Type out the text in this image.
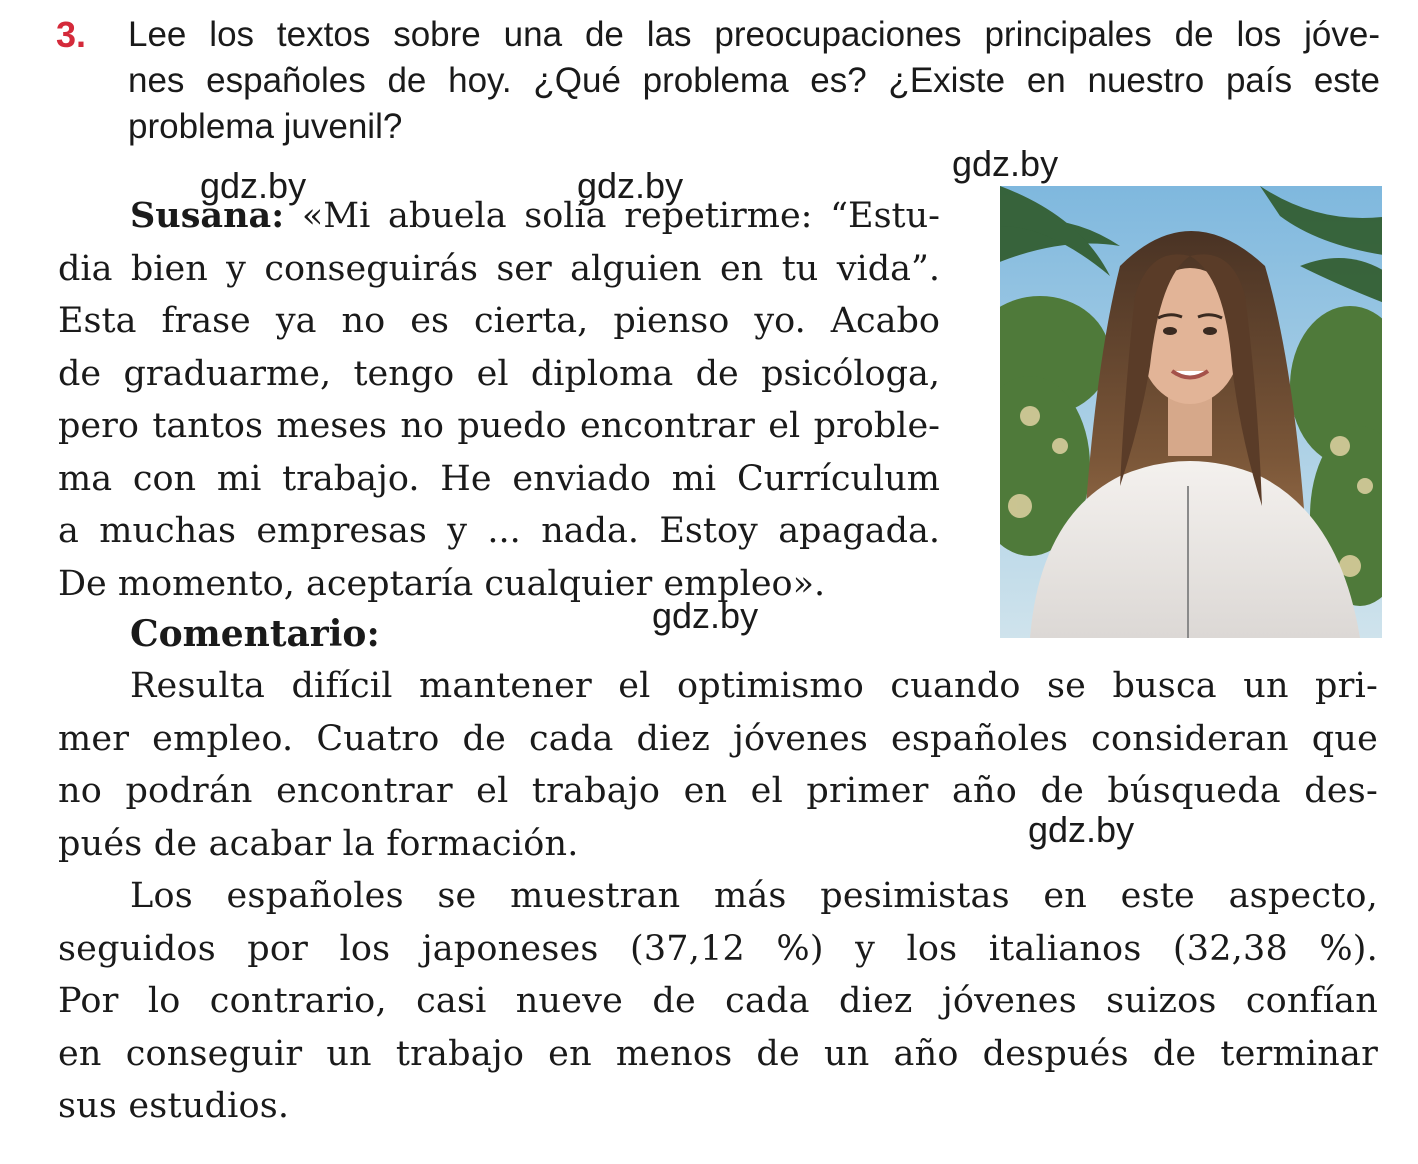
3. Lee los textos sobre una de las preocupaciones principales de los jóve-
nes españoles de hoy. ¿Qué problema es? ¿Existe en nuestro país este
problema juvenil?
Susana: «Mi abuela solía repetirme: “Estu-
dia bien y conseguirás ser alguien en tu vida”.
Esta frase ya no es cierta, pienso yo. Acabo
de graduarme, tengo el diploma de psicóloga,
pero tantos meses no puedo encontrar el proble-
ma con mi trabajo. He enviado mi Currículum
a muchas empresas y ... nada. Estoy apagada.
De momento, aceptaría cualquier empleo».
Comentario:
Resulta difícil mantener el optimismo cuando se busca un pri-
mer empleo. Cuatro de cada diez jóvenes españoles consideran que
no podrán encontrar el trabajo en el primer año de búsqueda des-
pués de acabar la formación.
Los españoles se muestran más pesimistas en este aspecto,
seguidos por los japoneses (37,12 %) y los italianos (32,38 %).
Por lo contrario, casi nueve de cada diez jóvenes suizos confían
en conseguir un trabajo en menos de un año después de terminar
sus estudios.
gdz.by	gdz.by
gdz.by
gdz.by
gdz.by
